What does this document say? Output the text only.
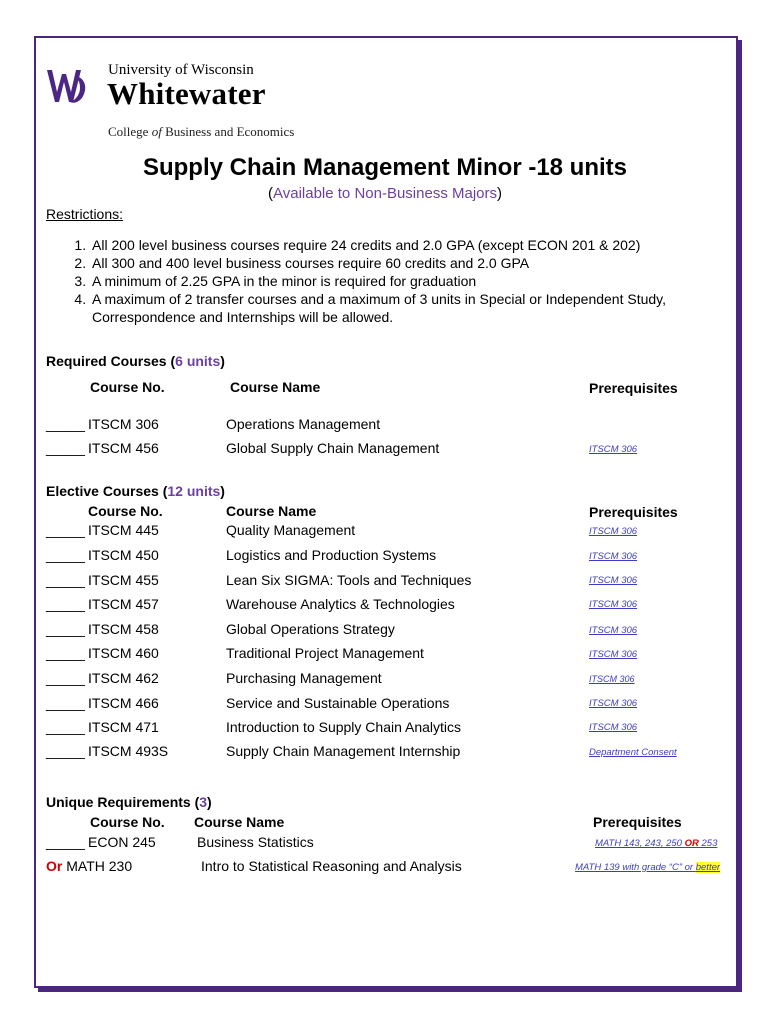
University of Wisconsin
Whitewater
College of Business and Economics
Supply Chain Management Minor -18 units
(Available to Non-Business Majors)
Restrictions:
1. All 200 level business courses require 24 credits and 2.0 GPA (except ECON 201 & 202)
2. All 300 and 400 level business courses require 60 credits and 2.0 GPA
3. A minimum of 2.25 GPA in the minor is required for graduation
4. A maximum of 2 transfer courses and a maximum of 3 units in Special or Independent Study, Correspondence and Internships will be allowed.
Required Courses (6 units)
Course No.	Course Name	Prerequisites
_____ ITSCM 306	Operations Management
_____ ITSCM 456	Global Supply Chain Management	ITSCM 306
Elective Courses (12 units)
Course No.	Course Name	Prerequisites
_____ ITSCM 445	Quality Management	ITSCM 306
_____ ITSCM 450	Logistics and Production Systems	ITSCM 306
_____ ITSCM 455	Lean Six SIGMA: Tools and Techniques	ITSCM 306
_____ ITSCM 457	Warehouse Analytics & Technologies	ITSCM 306
_____ ITSCM 458	Global Operations Strategy	ITSCM 306
_____ ITSCM 460	Traditional Project Management	ITSCM 306
_____ ITSCM 462	Purchasing Management	ITSCM 306
_____ ITSCM 466	Service and Sustainable Operations	ITSCM 306
_____ ITSCM 471	Introduction to Supply Chain Analytics	ITSCM 306
_____ ITSCM 493S	Supply Chain Management Internship	Department Consent
Unique Requirements (3)
Course No. Course Name	Prerequisites
_____ ECON 245	Business Statistics	MATH 143, 243, 250 OR 253
Or MATH 230	Intro to Statistical Reasoning and Analysis	MATH 139 with grade “C” or better
